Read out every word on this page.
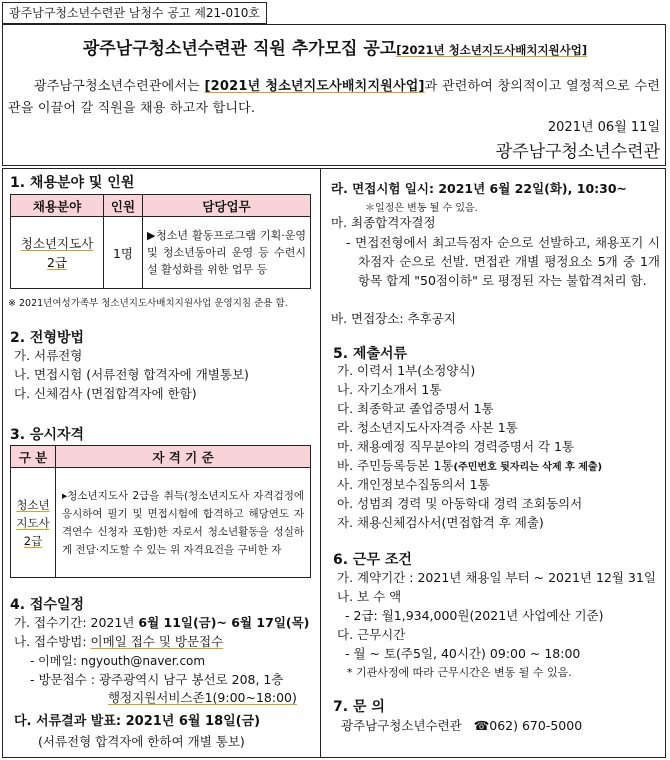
광주남구청소년수련관 남청수 공고 제21-010호
광주남구청소년수련관 직원 추가모집 공고[2021년 청소년지도사배치지원사업]
광주남구청소년수련관에서는 [2021년 청소년지도사배치지원사업]과 관련하여 창의적이고 열정적으로 수련관을 이끌어 갈 직원을 채용 하고자 합니다.
2021년 06월 11일
광주남구청소년수련관
1. 채용분야 및 인원
채용분야	인원	담당업무
청소년지도사 2급	1명	▶청소년 활동프로그램 기획·운영 및 청소년동아리 운영 등 수련시설 활성화를 위한 업무 등
※ 2021년여성가족부 청소년지도사배치지원사업 운영지침 준용 함.
2. 전형방법
가. 서류전형
나. 면접시험 (서류전형 합격자에 개별통보)
다. 신체검사 (면접합격자에 한함)
3. 응시자격
구 분	자 격 기 준
청소년지도사 2급	▸청소년지도사 2급을 취득(청소년지도사 자격검정에 응시하여 필기 및 면접시험에 합격하고 해당연도 자격연수 신청자 포함)한 자로서 청소년활동을 성실하게 전담·지도할 수 있는 위 자격요건을 구비한 자
4. 접수일정
가. 접수기간: 2021년 6월 11일(금)~ 6월 17일(목)
나. 접수방법: 이메일 접수 및 방문접수
- 이메일: ngyouth@naver.com
- 방문접수 : 광주광역시 남구 봉선로 208, 1층
행정지원서비스존1(9:00~18:00)
다. 서류결과 발표: 2021년 6월 18일(금)
(서류전형 합격자에 한하여 개별 통보)
라. 면접시험 일시: 2021년 6월 22일(화), 10:30~
＊일정은 변동 될 수 있음.
마. 최종합격자결정
- 면접전형에서 최고득점자 순으로 선발하고, 채용포기 시 차점자 순으로 선발. 면접관 개별 평정요소 5개 중 1개 항목 합계 "50점이하" 로 평정된 자는 불합격처리 함.
바. 면접장소: 추후공지
5. 제출서류
가. 이력서 1부(소정양식)
나. 자기소개서 1통
다. 최종학교 졸업증명서 1통
라. 청소년지도사자격증 사본 1통
마. 채용예정 직무분야의 경력증명서 각 1통
바. 주민등록등본 1통(주민번호 뒷자리는 삭제 후 제출)
사. 개인정보수집동의서 1통
아. 성범죄 경력 및 아동학대 경력 조회동의서
자. 채용신체검사서(면접합격 후 제출)
6. 근무 조건
가. 계약기간 : 2021년 채용일 부터 ~ 2021년 12월 31일
나. 보 수 액
- 2급: 월1,934,000원(2021년 사업예산 기준)
다. 근무시간
- 월 ~ 토(주5일, 40시간) 09:00 ~ 18:00
* 기관사정에 따라 근무시간은 변동 될 수 있음.
7. 문 의
광주남구청소년수련관 ☎062) 670-5000
